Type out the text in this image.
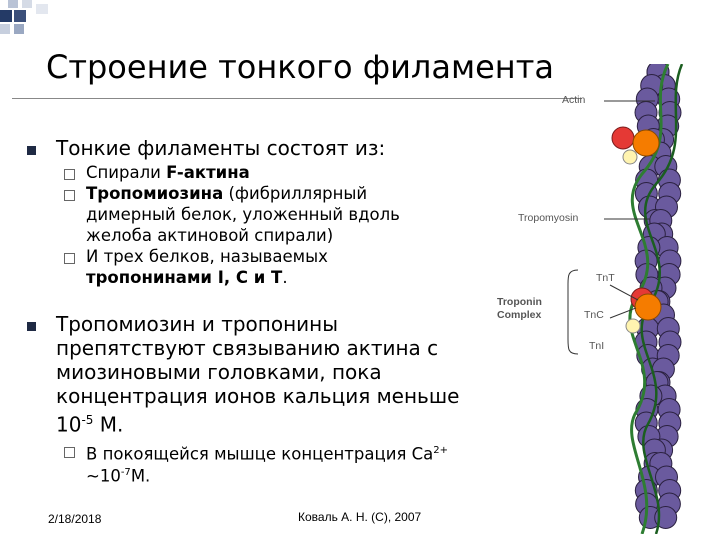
Строение тонкого филамента
Тонкие филаменты состоят из:
Спирали F-актина
Тропомиозина (фибриллярный
димерный белок, уложенный вдоль
желоба актиновой спирали)
И трех белков, называемых
тропонинами I, С и Т.
Тропомиозин и тропонины
препятствуют связыванию актина с
миозиновыми головками, пока
концентрация ионов кальция меньше
$10^{-5}$ М.
В покоящейся мышце концентрация $Са^{2+}$
$\sim 10^{-7}М$.
2/18/2018	Коваль А. Н. (C), 2007
Actin
Tropomyosin
Troponin
Complex
TnT
TnC
TnI
